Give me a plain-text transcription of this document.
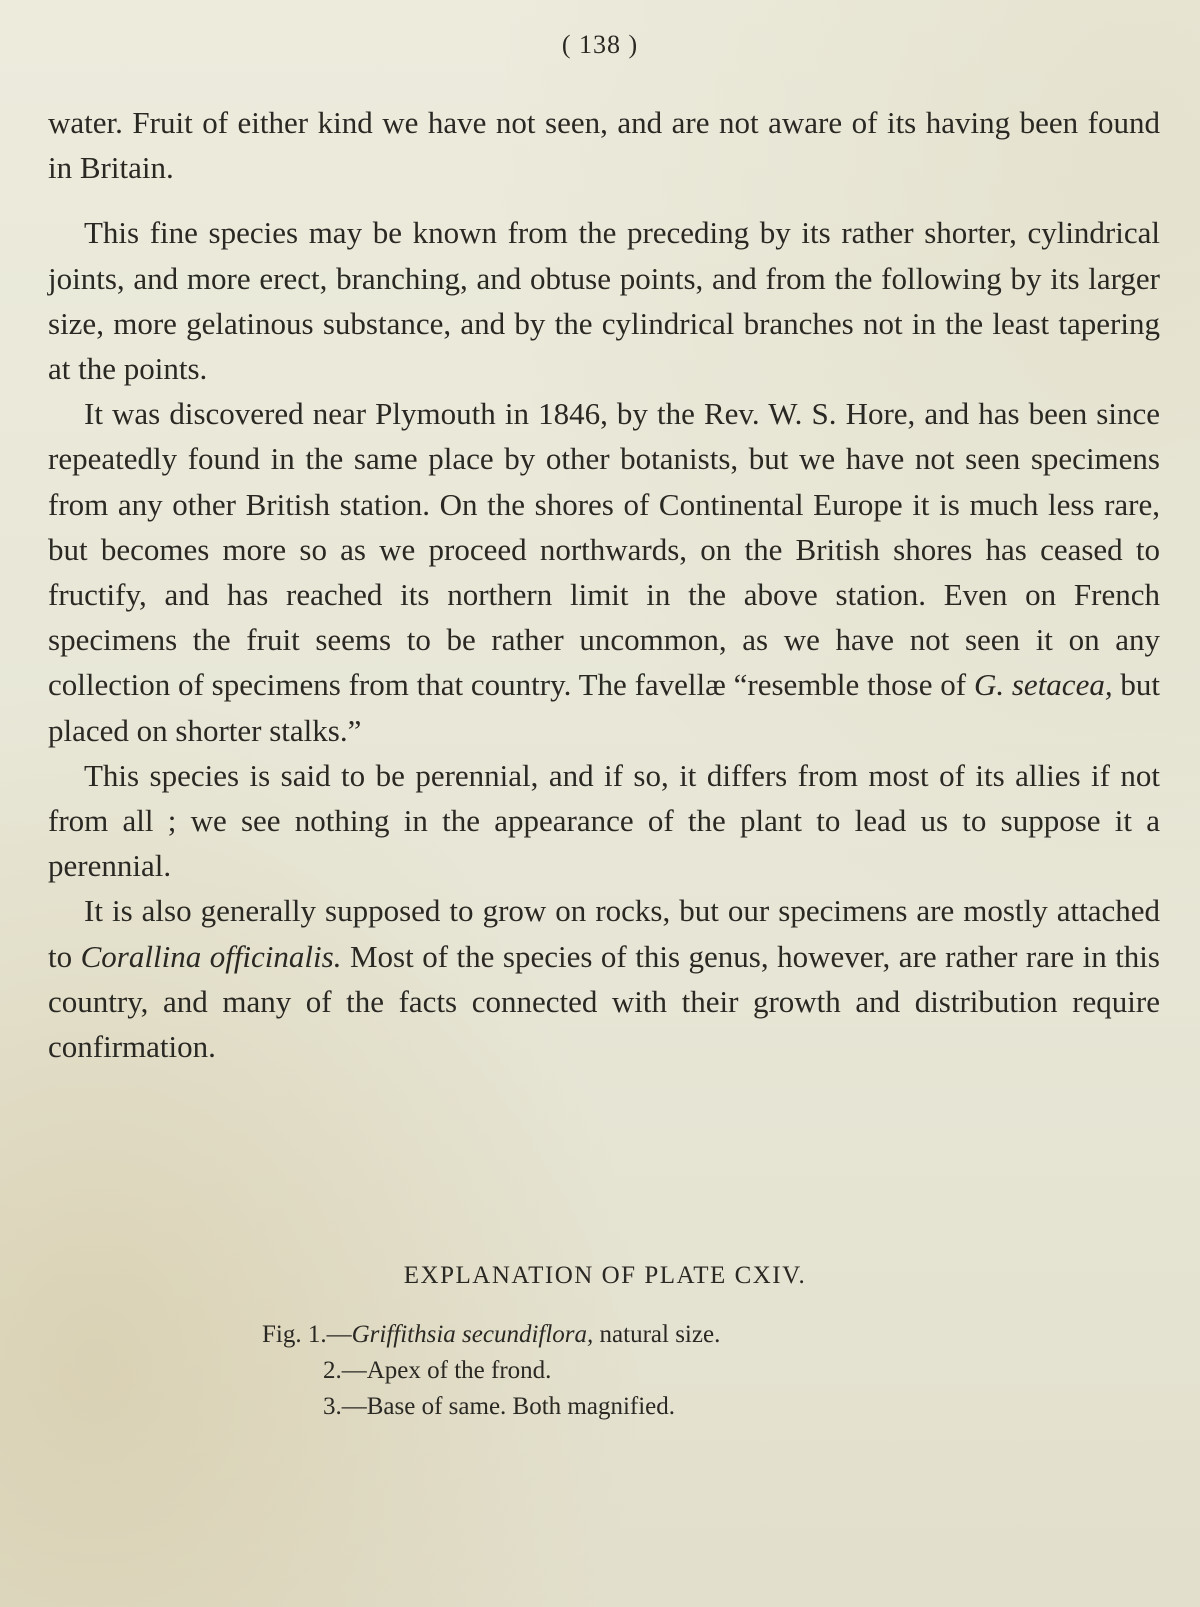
( 138 )

water. Fruit of either kind we have not seen, and are not aware of its having been found in Britain.

This fine species may be known from the preceding by its rather shorter, cylindrical joints, and more erect, branching, and obtuse points, and from the following by its larger size, more gelatinous substance, and by the cylindrical branches not in the least tapering at the points.

It was discovered near Plymouth in 1846, by the Rev. W. S. Hore, and has been since repeatedly found in the same place by other botanists, but we have not seen specimens from any other British station. On the shores of Continental Europe it is much less rare, but becomes more so as we proceed northwards, on the British shores has ceased to fructify, and has reached its northern limit in the above station. Even on French specimens the fruit seems to be rather uncommon, as we have not seen it on any collection of specimens from that country. The favellæ “resemble those of G. setacea, but placed on shorter stalks.”

This species is said to be perennial, and if so, it differs from most of its allies if not from all ; we see nothing in the appearance of the plant to lead us to suppose it a perennial.

It is also generally supposed to grow on rocks, but our specimens are mostly attached to Corallina officinalis. Most of the species of this genus, however, are rather rare in this country, and many of the facts connected with their growth and distribution require confirmation.

EXPLANATION OF PLATE CXIV.
Fig. 1.—Griffithsia secundiflora, natural size.
2.—Apex of the frond.
3.—Base of same. Both magnified.
